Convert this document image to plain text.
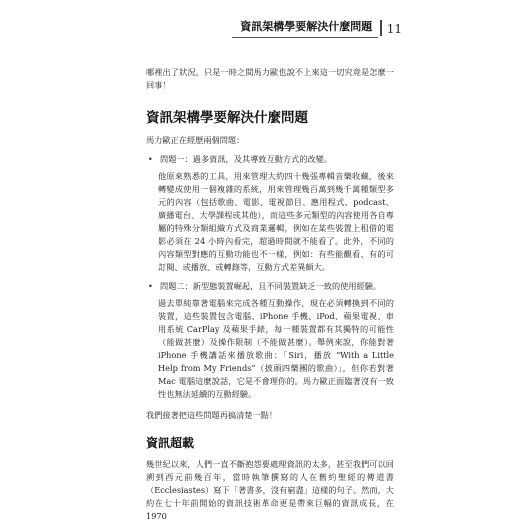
資訊架構學要解決什麼問題	11

哪裡出了狀況，只是一時之間馬力歐也說不上來這一切究竟是怎麼一回事！

資訊架構學要解決什麼問題

馬力歐正在經歷兩個問題：

• 問題一：過多資訊，及其導致互動方式的改變。

他原來熟悉的工具，用來管理大約四十幾張專輯音樂收藏，後來轉變成使用一個複雜的系統，用來管理幾百萬到幾千萬種類型多元的內容（包括歌曲、電影、電視節目、應用程式、podcast、廣播電台、大學課程或其他），而這些多元類型的內容使用各自專屬的特殊分類組織方式及商業邏輯，例如在某些裝置上租借的電影必須在 24 小時內看完，超過時間就不能看了。此外，不同的內容類型對應的互動功能也不一樣，例如：有些能觀看、有的可訂閱、或播放、或轉錄等，互動方式差異頗大。

• 問題二：新型態裝置崛起，且不同裝置缺乏一致的使用經驗。

過去單純靠著電腦來完成各種互動操作，現在必須轉換到不同的裝置，這些裝置包含電腦、iPhone 手機、iPod、蘋果電視、車用系統 CarPlay 及蘋果手錶，每一種裝置都有其獨特的可能性（能做甚麼）及操作限制（不能做甚麼）。舉例來說，你能對著 iPhone 手機講話來播放歌曲：「Siri，播放 “With a Little Help from My Friends”（披頭四樂團的歌曲）」，但你若對著 Mac 電腦這麼說話，它是不會理你的。馬力歐正面臨著沒有一致性也無法延續的互動經驗。

我們接著把這些問題再搞清楚一點！

資訊超載

幾世紀以來，人們一直不斷抱怨要處理資訊的太多，甚至我們可以回溯到西元前幾百年，當時執筆撰寫的人在舊約聖經的傳道書（Ecclesiastes）寫下「著書多，沒有窮盡」這樣的句子。然而，大約在七十年前開始的資訊技術革命更是帶來巨幅的資訊成長，在 1970
